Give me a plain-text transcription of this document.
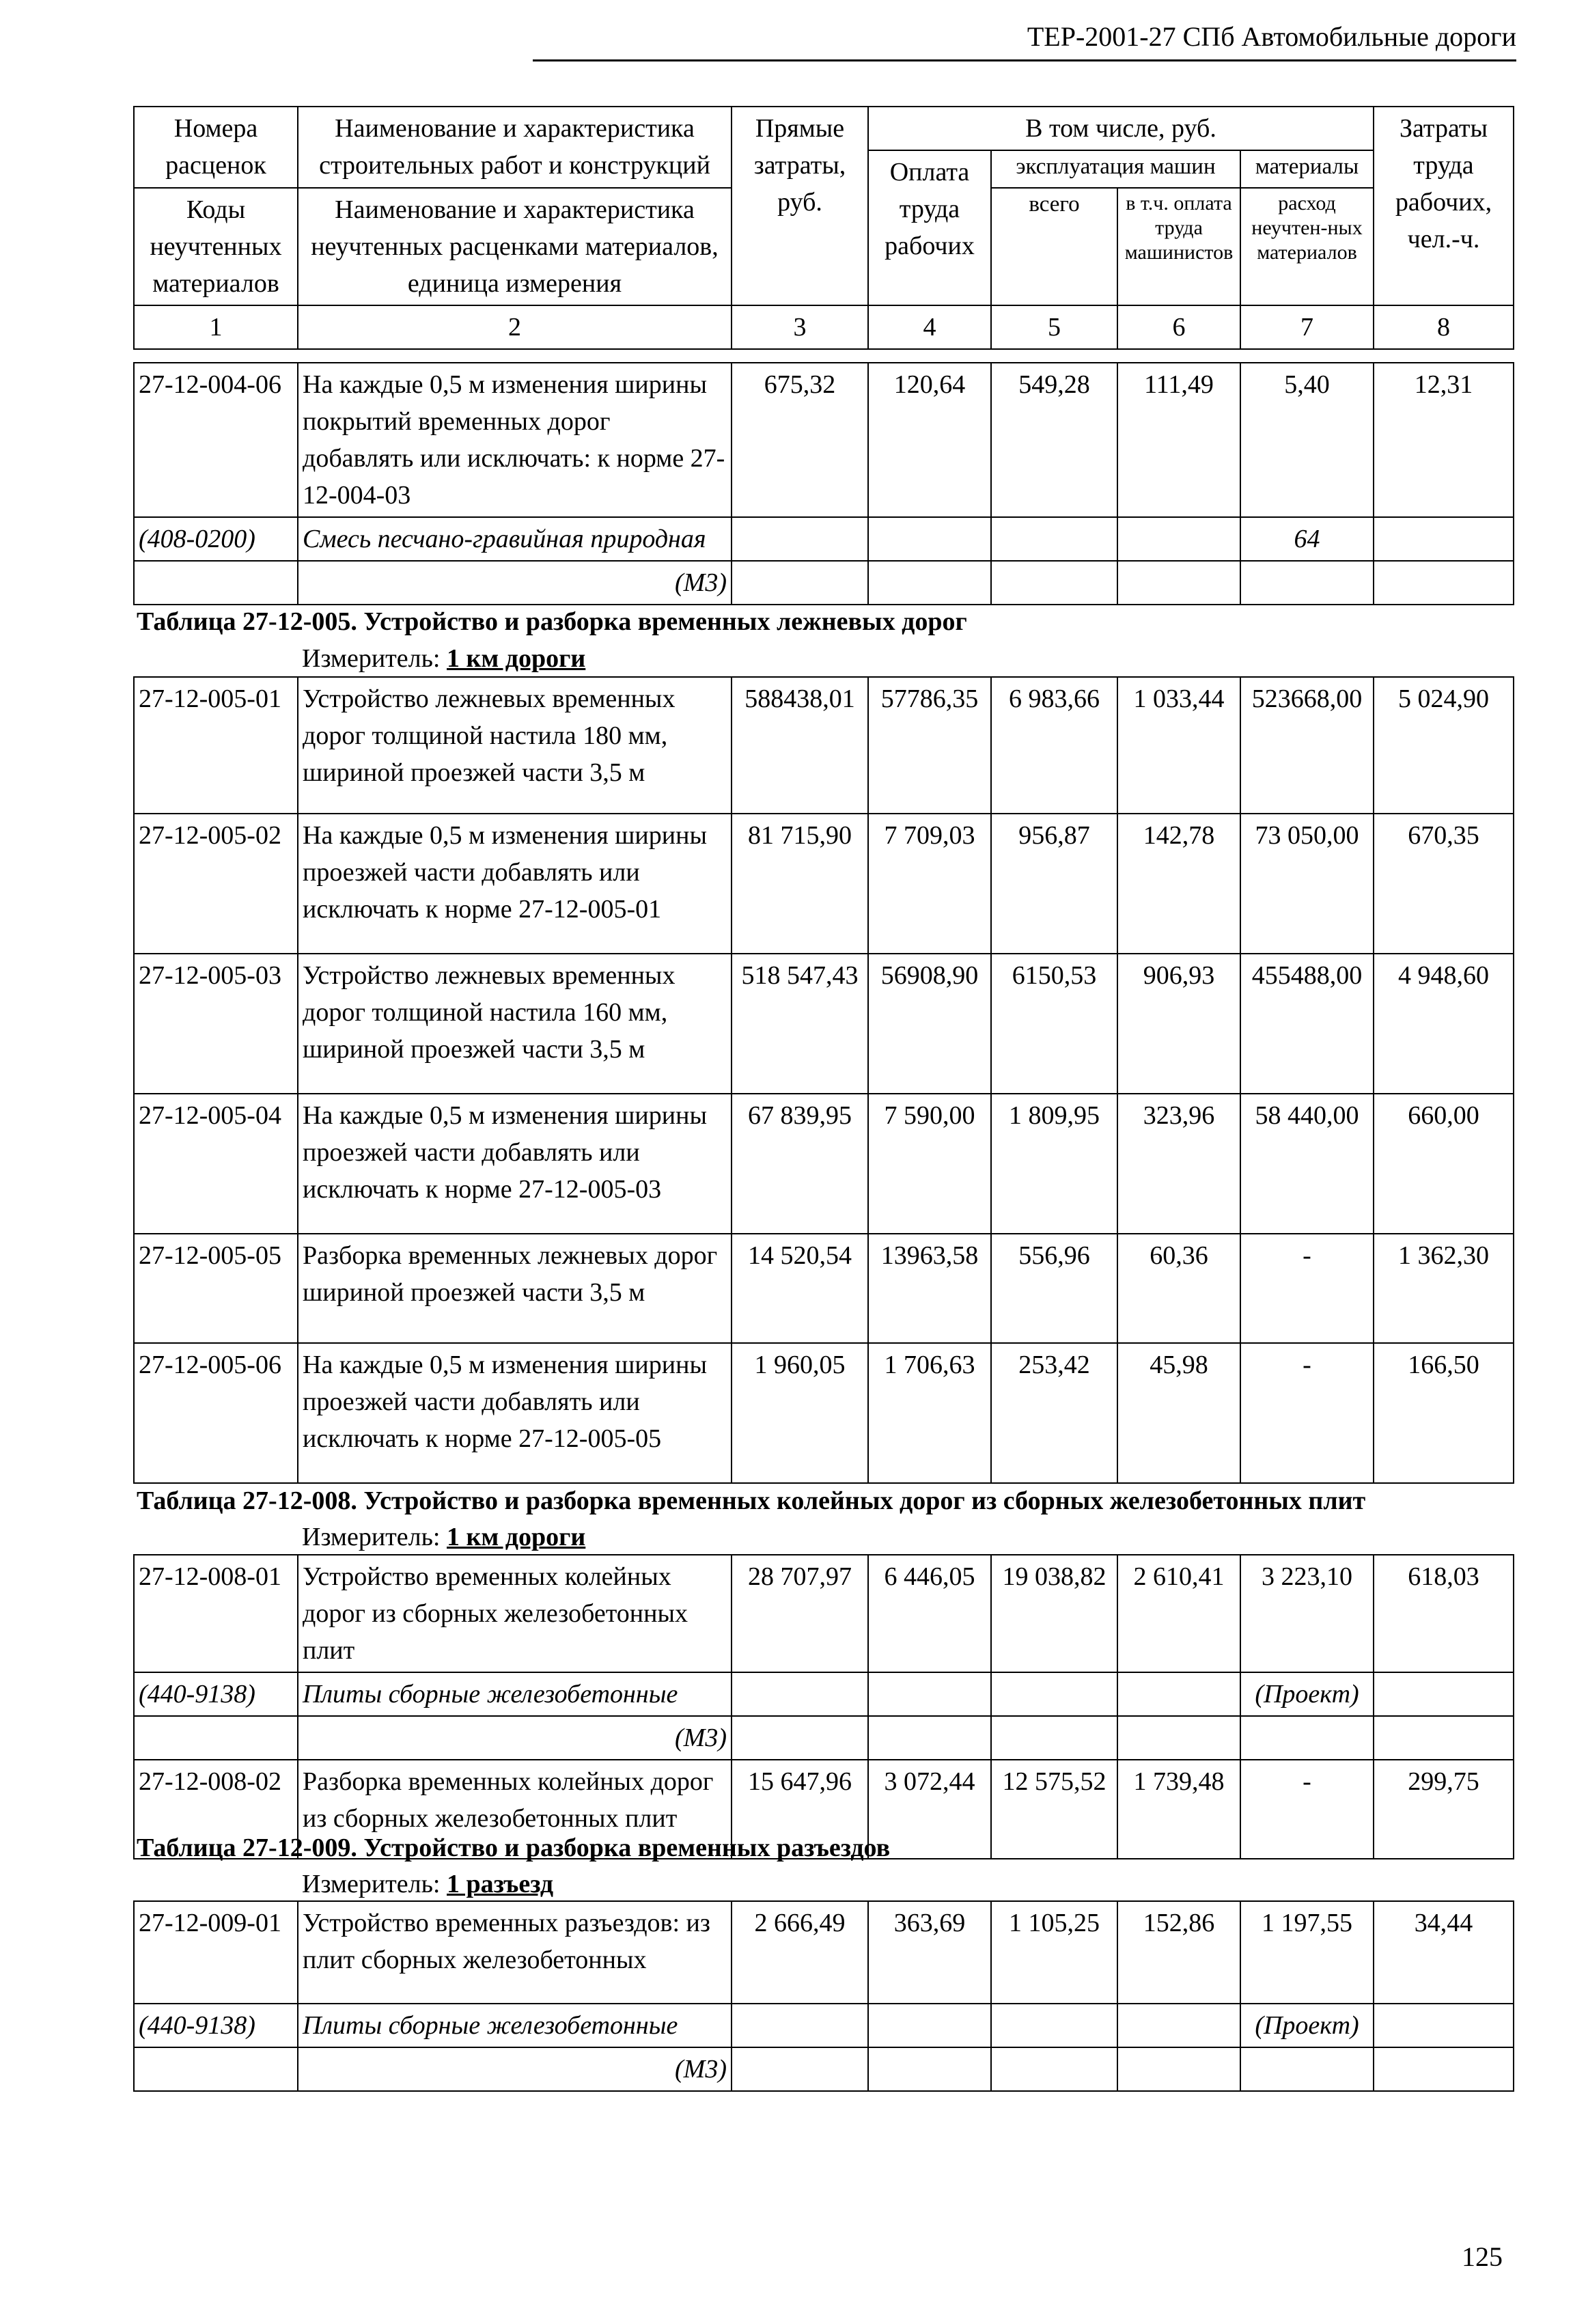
ТЕР-2001-27 СПб Автомобильные дороги
Номера расценок	Наименование и характеристика строительных работ и конструкций	Прямые затраты, руб.	В том числе, руб.				Затраты труда рабочих, чел.-ч.
			Оплата труда рабочих	эксплуатация машин		материалы	
Коды неучтенных материалов	Наименование и характеристика неучтенных расценками материалов, единица измерения			всего	в т.ч. оплата труда машинистов	расход неучтен-ных материалов	
1	2	3	4	5	6	7	8
27-12-004-06	На каждые 0,5 м изменения ширины покрытий временных дорог добавлять или исключать: к норме 27-12-004-03	675,32	120,64	549,28	111,49	5,40	12,31
(408-0200)	Смесь песчано-гравийная природная					64	
	(М3)						
Таблица 27-12-005. Устройство и разборка временных лежневых дорог
Измеритель: 1 км дороги
27-12-005-01	Устройство лежневых временных дорог толщиной настила 180 мм, шириной проезжей части 3,5 м	588438,01	57786,35	6 983,66	1 033,44	523668,00	5 024,90
27-12-005-02	На каждые 0,5 м изменения ширины проезжей части добавлять или исключать к норме 27-12-005-01	81 715,90	7 709,03	956,87	142,78	73 050,00	670,35
27-12-005-03	Устройство лежневых временных дорог толщиной настила 160 мм, шириной проезжей части 3,5 м	518 547,43	56908,90	6150,53	906,93	455488,00	4 948,60
27-12-005-04	На каждые 0,5 м изменения ширины проезжей части добавлять или исключать к норме 27-12-005-03	67 839,95	7 590,00	1 809,95	323,96	58 440,00	660,00
27-12-005-05	Разборка временных лежневых дорог шириной проезжей части 3,5 м	14 520,54	13963,58	556,96	60,36	-	1 362,30
27-12-005-06	На каждые 0,5 м изменения ширины проезжей части добавлять или исключать к норме 27-12-005-05	1 960,05	1 706,63	253,42	45,98	-	166,50
Таблица 27-12-008. Устройство и разборка временных колейных дорог из сборных железобетонных плит
Измеритель: 1 км дороги
27-12-008-01	Устройство временных колейных дорог из сборных железобетонных плит	28 707,97	6 446,05	19 038,82	2 610,41	3 223,10	618,03
(440-9138)	Плиты сборные железобетонные					(Проект)	
	(М3)						
27-12-008-02	Разборка временных колейных дорог из сборных железобетонных плит	15 647,96	3 072,44	12 575,52	1 739,48	-	299,75
Таблица 27-12-009. Устройство и разборка временных разъездов
Измеритель: 1 разъезд
27-12-009-01	Устройство временных разъездов: из плит сборных железобетонных	2 666,49	363,69	1 105,25	152,86	1 197,55	34,44
(440-9138)	Плиты сборные железобетонные					(Проект)	
	(М3)						
125
